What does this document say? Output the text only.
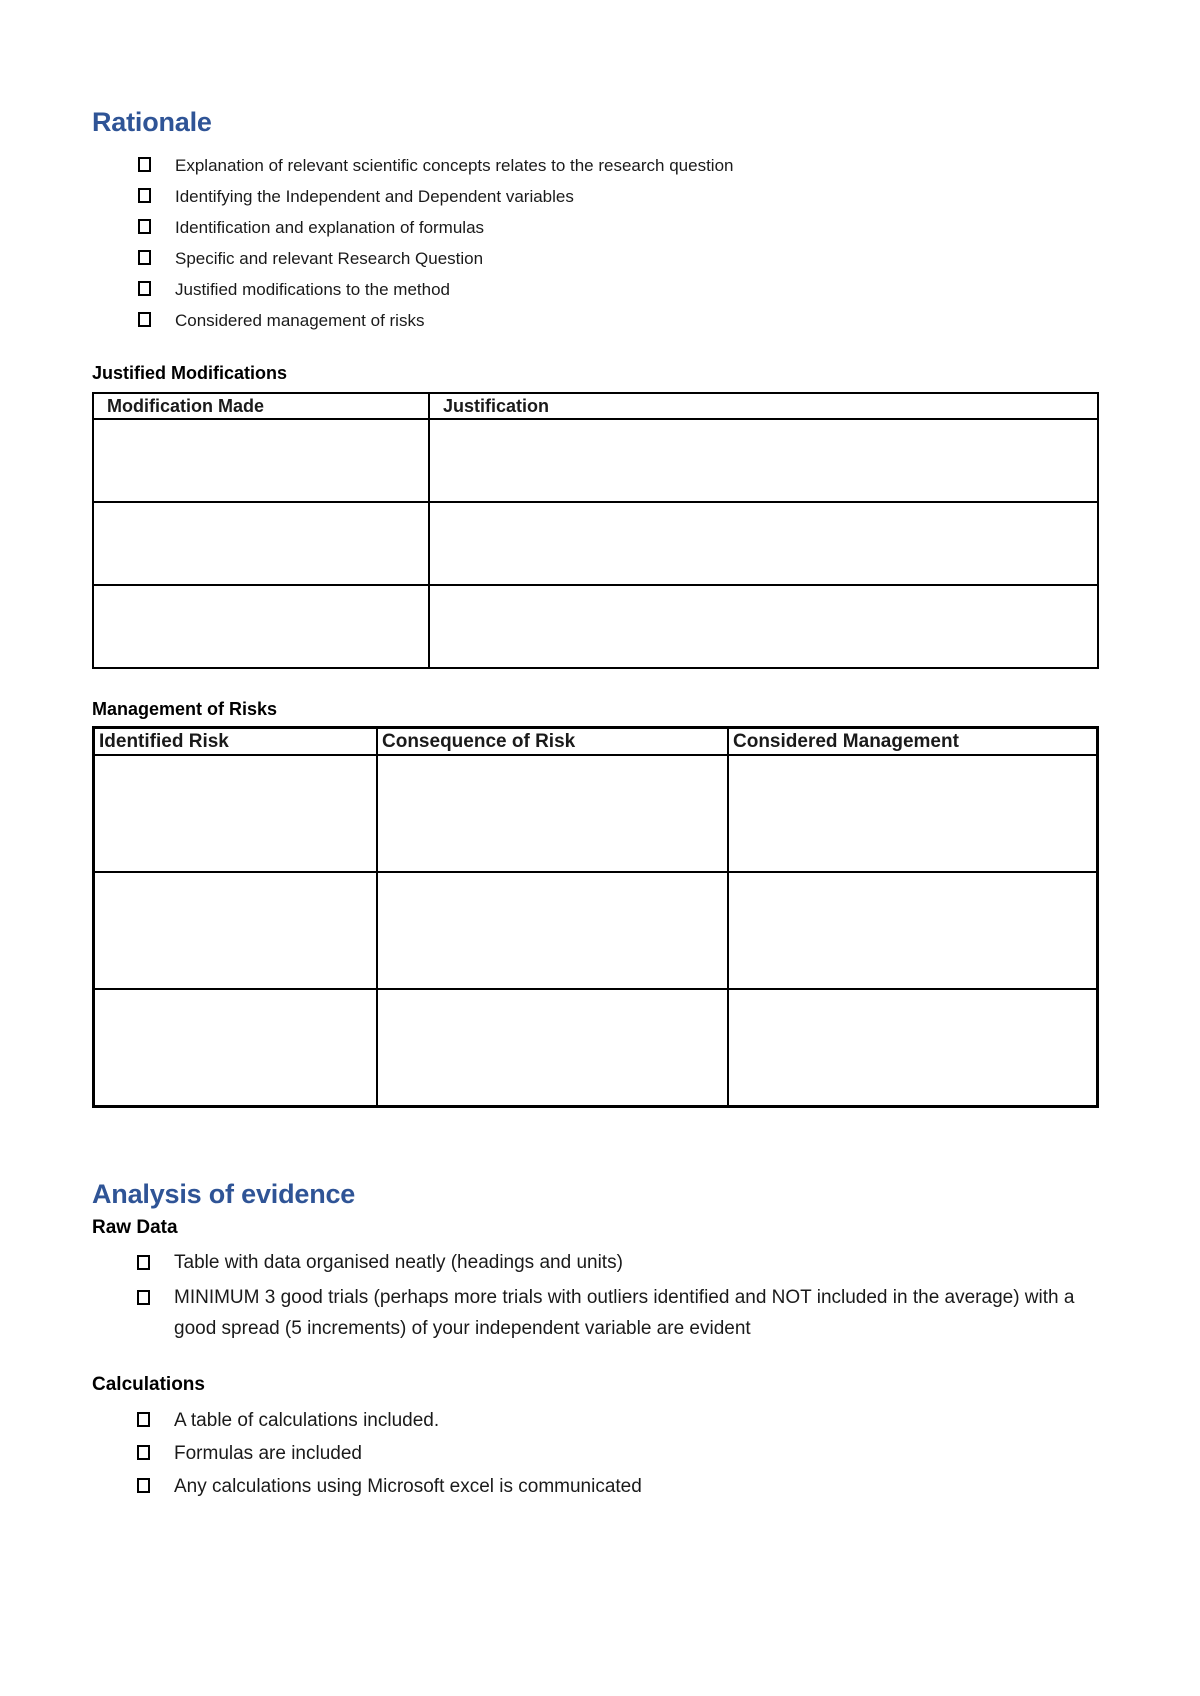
Rationale
Explanation of relevant scientific concepts relates to the research question
Identifying the Independent and Dependent variables
Identification and explanation of formulas
Specific and relevant Research Question
Justified modifications to the method
Considered management of risks
Justified Modifications
Modification Made	Justification

Management of Risks
Identified Risk	Consequence of Risk	Considered Management

Analysis of evidence
Raw Data
Table with data organised neatly (headings and units)
MINIMUM 3 good trials (perhaps more trials with outliers identified and NOT included in the average) with a good spread (5 increments) of your independent variable are evident
Calculations
A table of calculations included.
Formulas are included
Any calculations using Microsoft excel is communicated
